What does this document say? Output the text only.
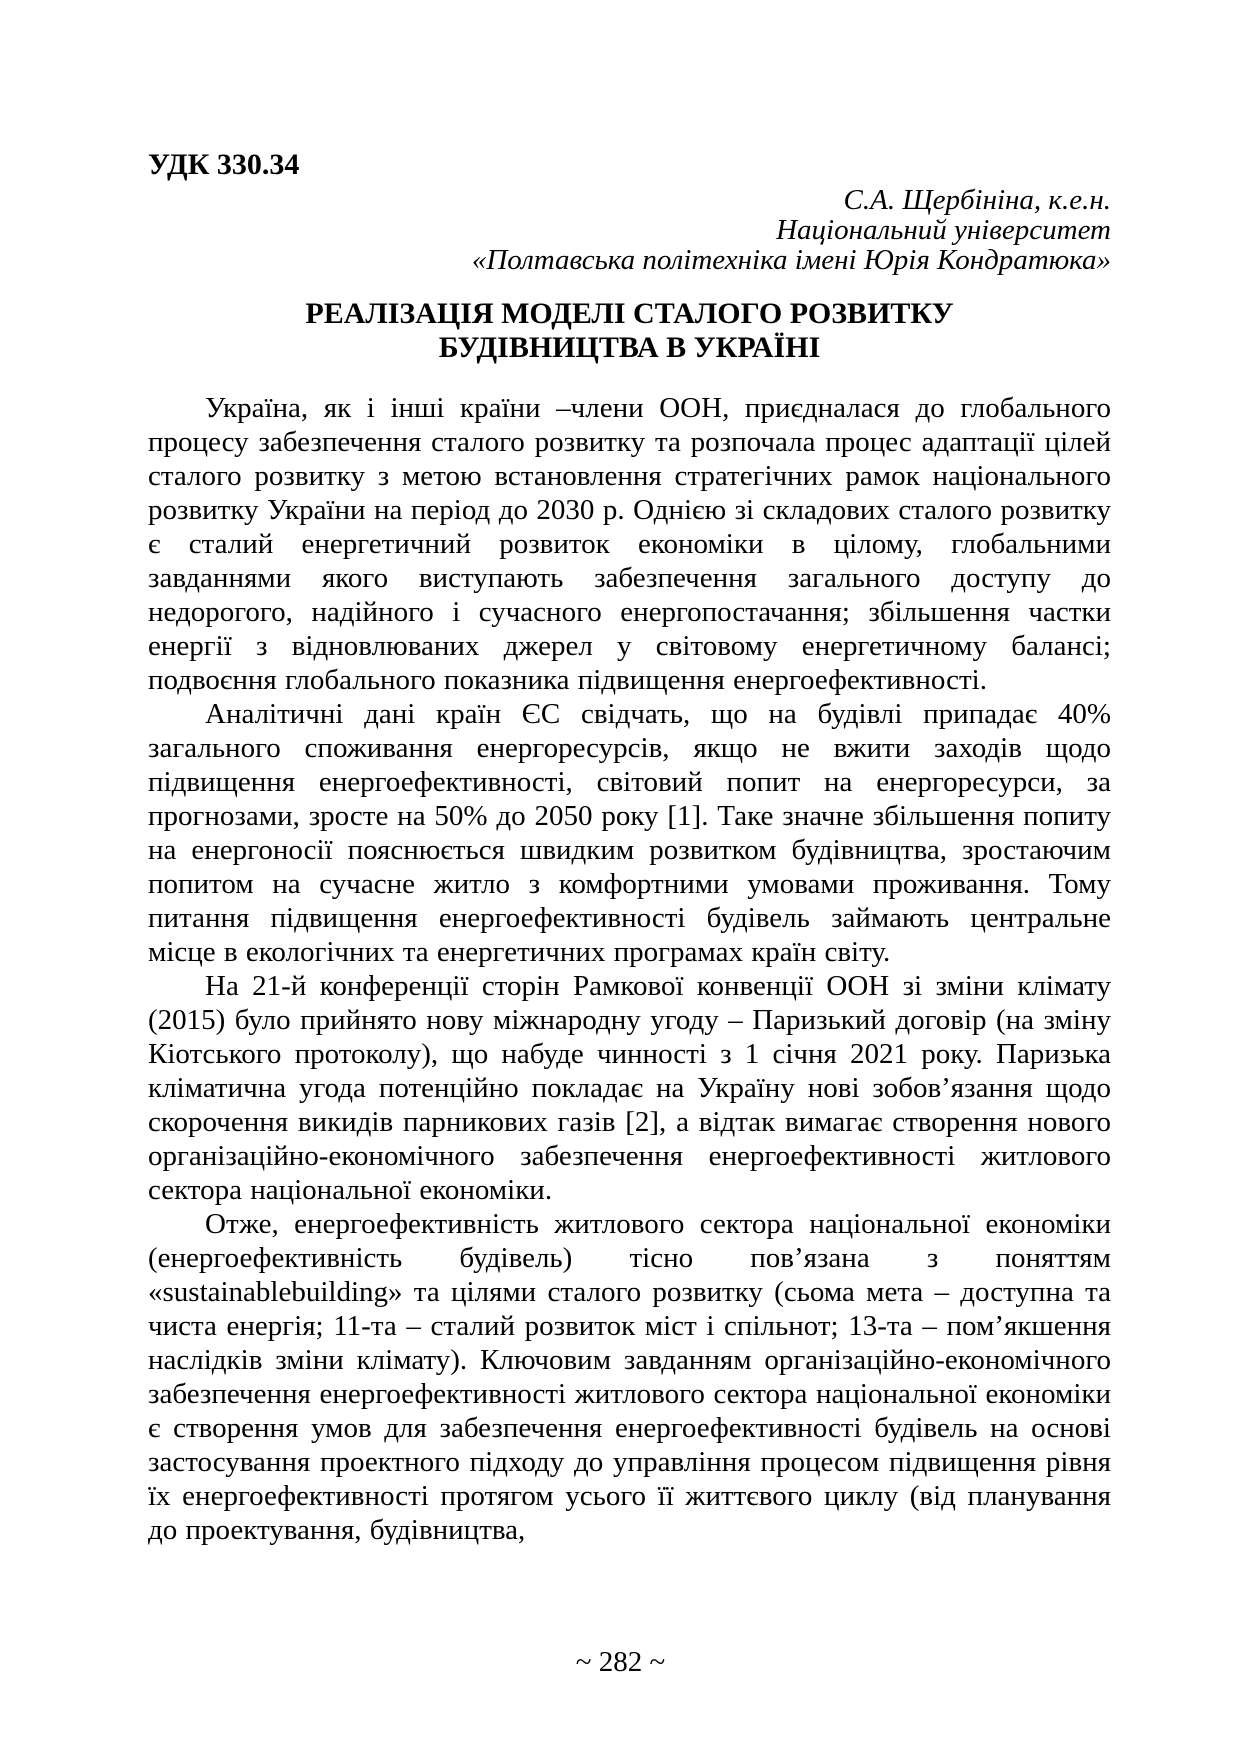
УДК 330.34
С.А. Щербініна, к.е.н.
Національний університет
«Полтавська політехніка імені Юрія Кондратюка»
РЕАЛІЗАЦІЯ МОДЕЛІ СТАЛОГО РОЗВИТКУ
БУДІВНИЦТВА В УКРАЇНІ

Україна, як і інші країни –члени ООН, приєдналася до глобального процесу забезпечення сталого розвитку та розпочала процес адаптації цілей сталого розвитку з метою встановлення стратегічних рамок національного розвитку України на період до 2030 р. Однією зі складових сталого розвитку є сталий енергетичний розвиток економіки в цілому, глобальними завданнями якого виступають забезпечення загального доступу до недорогого, надійного і сучасного енергопостачання; збільшення частки енергії з відновлюваних джерел у світовому енергетичному балансі; подвоєння глобального показника підвищення енергоефективності.

Аналітичні дані країн ЄС свідчать, що на будівлі припадає 40% загального споживання енергоресурсів, якщо не вжити заходів щодо підвищення енергоефективності, світовий попит на енергоресурси, за прогнозами, зросте на 50% до 2050 року [1]. Таке значне збільшення попиту на енергоносії пояснюється швидким розвитком будівництва, зростаючим попитом на сучасне житло з комфортними умовами проживання. Тому питання підвищення енергоефективності будівель займають центральне місце в екологічних та енергетичних програмах країн світу.

На 21-й конференції сторін Рамкової конвенції ООН зі зміни клімату (2015) було прийнято нову міжнародну угоду – Паризький договір (на зміну Кіотського протоколу), що набуде чинності з 1 січня 2021 року. Паризька кліматична угода потенційно покладає на Україну нові зобов’язання щодо скорочення викидів парникових газів [2], а відтак вимагає створення нового організаційно-економічного забезпечення енергоефективності житлового сектора національної економіки.

Отже, енергоефективність житлового сектора національної економіки (енергоефективність будівель) тісно пов’язана з поняттям «sustainablebuilding» та цілями сталого розвитку (сьома мета – доступна та чиста енергія; 11-та – сталий розвиток міст і спільнот; 13-та – пом’якшення наслідків зміни клімату). Ключовим завданням організаційно-економічного забезпечення енергоефективності житлового сектора національної економіки є створення умов для забезпечення енергоефективності будівель на основі застосування проектного підходу до управління процесом підвищення рівня їх енергоефективності протягом усього її життєвого циклу (від планування до проектування, будівництва,

~ 282 ~
